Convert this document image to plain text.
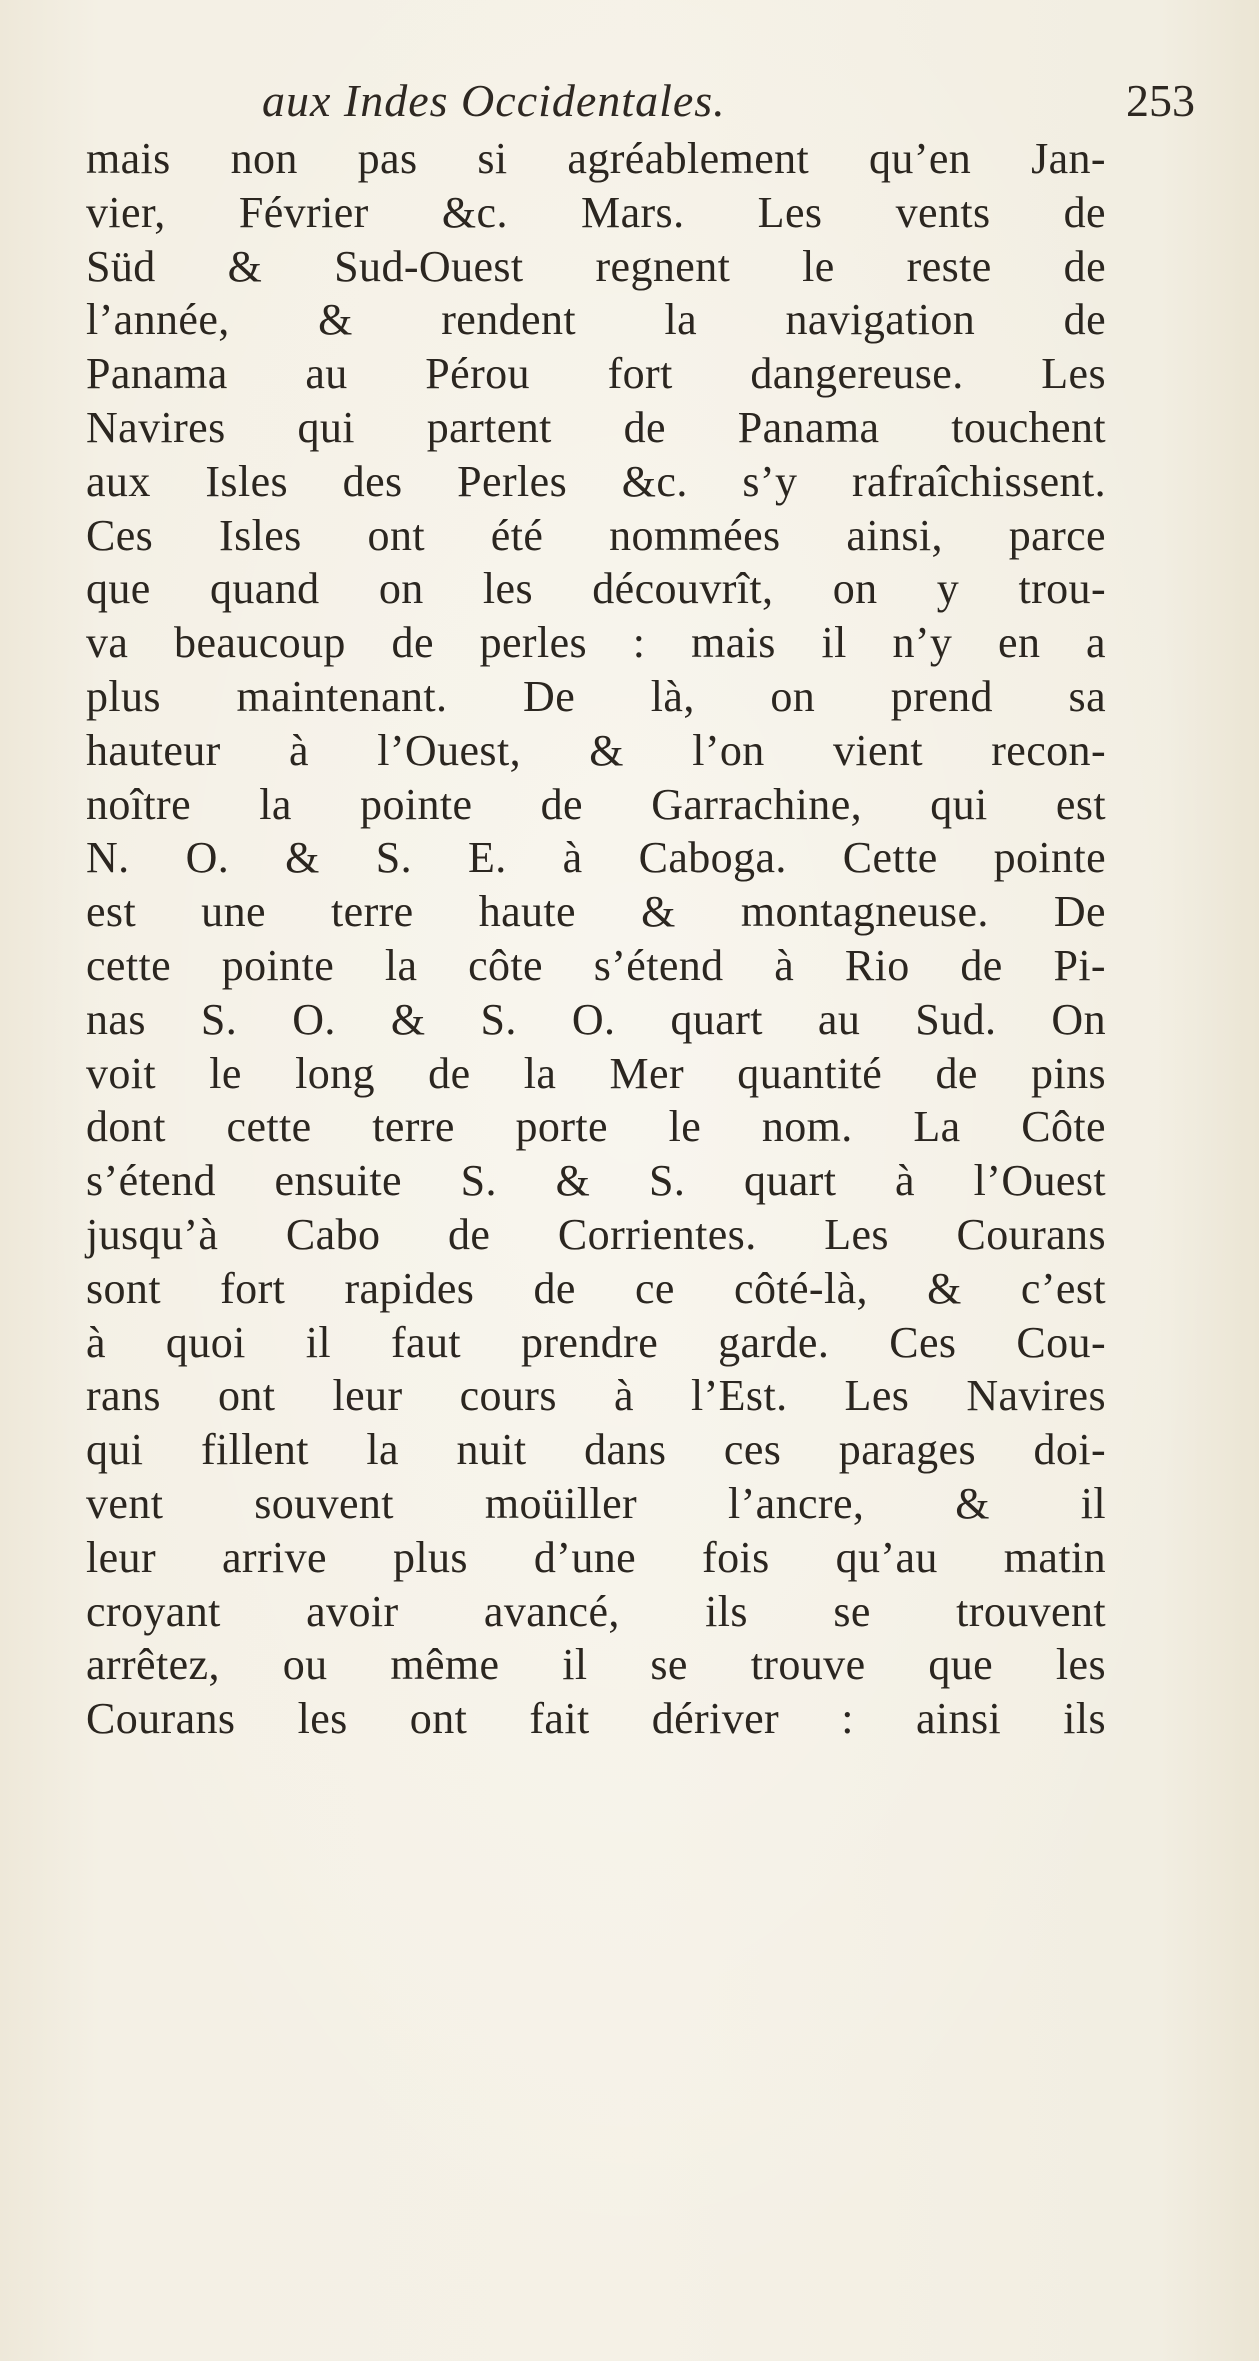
aux Indes Occidentales.	253
mais non pas si agréablement qu’en Jan-
vier, Février &c. Mars. Les vents de
Süd & Sud-Ouest regnent le reste de
l’année, & rendent la navigation de
Panama au Pérou fort dangereuse. Les
Navires qui partent de Panama touchent
aux Isles des Perles &c. s’y rafraîchissent.
Ces Isles ont été nommées ainsi, parce
que quand on les découvrît, on y trou-
va beaucoup de perles : mais il n’y en a
plus maintenant. De là, on prend sa
hauteur à l’Ouest, & l’on vient recon-
noître la pointe de Garrachine, qui est
N. O. & S. E. à Caboga. Cette pointe
est une terre haute & montagneuse. De
cette pointe la côte s’étend à Rio de Pi-
nas S. O. & S. O. quart au Sud. On
voit le long de la Mer quantité de pins
dont cette terre porte le nom. La Côte
s’étend ensuite S. & S. quart à l’Ouest
jusqu’à Cabo de Corrientes. Les Courans
sont fort rapides de ce côté-là, & c’est
à quoi il faut prendre garde. Ces Cou-
rans ont leur cours à l’Est. Les Navires
qui fillent la nuit dans ces parages doi-
vent souvent moüiller l’ancre, & il
leur arrive plus d’une fois qu’au matin
croyant avoir avancé, ils se trouvent
arrêtez, ou même il se trouve que les
Courans les ont fait dériver : ainsi ils
